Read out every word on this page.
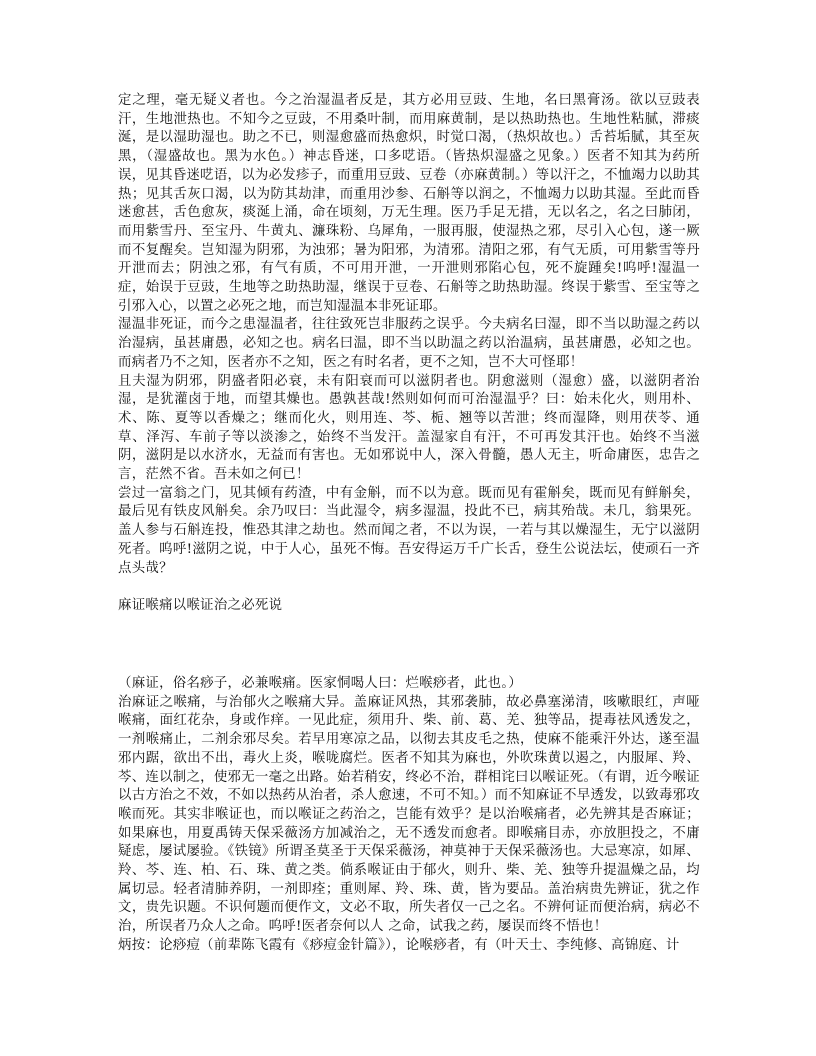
定之理，毫无疑义者也。今之治湿温者反是，其方必用豆豉、生地，名曰黑膏汤。欲以豆豉表汗，生地泄热也。不知今之豆豉，不用桑叶制，而用麻黄制，是以热助热也。生地性粘腻，滞痰涎，是以湿助湿也。助之不已，则湿愈盛而热愈炽，时觉口渴，（热炽故也。）舌苔垢腻，其至灰黑，（湿盛故也。黑为水色。）神志昏迷，口多呓语。（皆热炽湿盛之见象。）医者不知其为药所误，见其昏迷呓语，以为必发疹子，而重用豆豉、豆卷（亦麻黄制。）等以汗之，不恤竭力以助其热；见其舌灰口渴，以为防其劫津，而重用沙参、石斛等以润之，不恤竭力以助其湿。至此而昏迷愈甚，舌色愈灰，痰涎上涌，命在顷刻，万无生理。医乃手足无措，无以名之，名之曰肺闭，而用紫雪丹、至宝丹、牛黄丸、濂珠粉、乌犀角，一服再服，使湿热之邪，尽引入心包，遂一厥而不复醒矣。岂知湿为阴邪，为浊邪；暑为阳邪，为清邪。清阳之邪，有气无质，可用紫雪等丹开泄而去；阴浊之邪，有气有质，不可用开泄，一开泄则邪陷心包，死不旋踵矣!呜呼!湿温一症，始误于豆豉，生地等之助热助湿，继误于豆卷、石斛等之助热助湿。终误于紫雪、至宝等之引邪入心，以置之必死之地，而岂知湿温本非死证耶。

湿温非死证，而今之患湿温者，往往致死岂非服药之误乎。今夫病名曰湿，即不当以助湿之药以治湿病，虽甚庸愚，必知之也。病名曰温，即不当以助温之药以治温病，虽甚庸愚，必知之也。而病者乃不之知，医者亦不之知，医之有时名者，更不之知，岂不大可怪耶！

且夫湿为阴邪，阴盛者阳必衰，未有阳衰而可以滋阴者也。阴愈滋则（湿愈）盛，以滋阴者治湿，是犹灌卤于地，而望其燥也。愚孰甚哉!然则如何而可治湿温乎？曰：始未化火，则用朴、术、陈、夏等以香燥之；继而化火，则用连、芩、栀、翘等以苦泄；终而湿降，则用茯苓、通草、泽泻、车前子等以淡渗之，始终不当发汗。盖湿家自有汗，不可再发其汗也。始终不当滋阴，滋阴是以水济水，无益而有害也。无如邪说中人，深入骨髓，愚人无主，听命庸医，忠告之言，茫然不省。吾未如之何已！

尝过一富翁之门，见其倾有药渣，中有金斛，而不以为意。既而见有霍斛矣，既而见有鲜斛矣，最后见有铁皮风斛矣。余乃叹曰：当此湿令，病多湿温，投此不已，病其殆哉。未几，翁果死。盖人参与石斛连投，惟恐其津之劫也。然而闻之者，不以为误，一若与其以燥湿生，无宁以滋阴死者。呜呼!滋阴之说，中于人心，虽死不悔。吾安得运万千广长舌，登生公说法坛，使顽石一齐点头哉？

麻证喉痛以喉证治之必死说

（麻证，俗名痧子，必兼喉痛。医家恫喝人曰：烂喉痧者，此也。）

治麻证之喉痛，与治郁火之喉痛大异。盖麻证风热，其邪袭肺，故必鼻塞涕清，咳嗽眼红，声哑喉痛，面红花杂，身或作痒。一见此症，须用升、柴、前、葛、羌、独等品，提毒祛风透发之，一剂喉痛止，二剂余邪尽矣。若早用寒凉之品，以彻去其皮毛之热，使麻不能乘汗外达，遂至温邪内踞，欲出不出，毒火上炎，喉咙腐烂。医者不知其为麻也，外吹珠黄以遏之，内服犀、羚、芩、连以制之，使邪无一毫之出路。始若稍安，终必不治，群相诧曰以喉证死。（有谓，近今喉证以古方治之不效，不如以热药从治者，杀人愈速，不可不知。）而不知麻证不早透发，以致毒邪攻喉而死。其实非喉证也，而以喉证之药治之，岂能有效乎？是以治喉痛者，必先辨其是否麻证；如果麻也，用夏禹铸天保采薇汤方加减治之，无不透发而愈者。即喉痛目赤，亦放胆投之，不庸疑虑，屡试屡验。《铁镜》所谓圣莫圣于天保采薇汤，神莫神于天保采薇汤也。大忌寒凉，如犀、羚、芩、连、柏、石、珠、黄之类。倘系喉证由于郁火，则升、柴、羌、独等升提温燥之品，均属切忌。轻者清肺养阴，一剂即痊；重则犀、羚、珠、黄，皆为要品。盖治病贵先辨证，犹之作文，贵先识题。不识何题而便作文，文必不取，所失者仅一己之名。不辨何证而便治病，病必不治，所误者乃众人之命。呜呼!医者奈何以人 之命，试我之药，屡误而终不悟也！

炳按：论痧痘（前辈陈飞霞有《痧痘金针篇》），论喉痧者，有（叶天士、李纯修、高锦庭、计
